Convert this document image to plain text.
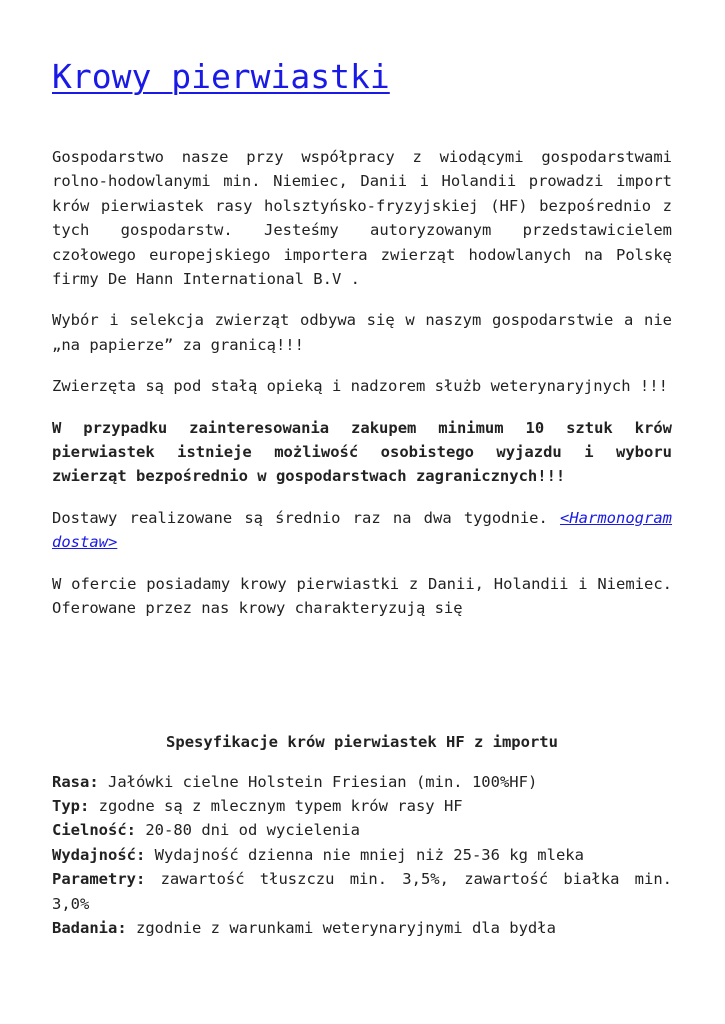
Krowy pierwiastki

Gospodarstwo nasze przy współpracy z wiodącymi gospodarstwami rolno-hodowlanymi min. Niemiec, Danii i Holandii prowadzi import krów pierwiastek rasy holsztyńsko-fryzyjskiej (HF) bezpośrednio z tych gospodarstw. Jesteśmy autoryzowanym przedstawicielem czołowego europejskiego importera zwierząt hodowlanych na Polskę firmy De Hann International B.V .

Wybór i selekcja zwierząt odbywa się w naszym gospodarstwie a nie „na papierze” za granicą!!!

Zwierzęta są pod stałą opieką i nadzorem służb weterynaryjnych !!!

W przypadku zainteresowania zakupem minimum 10 sztuk krów pierwiastek istnieje możliwość osobistego wyjazdu i wyboru zwierząt bezpośrednio w gospodarstwach zagranicznych!!!

Dostawy realizowane są średnio raz na dwa tygodnie. <Harmonogram dostaw>

W ofercie posiadamy krowy pierwiastki z Danii, Holandii i Niemiec. Oferowane przez nas krowy charakteryzują się

Spesyfikacje krów pierwiastek HF z importu

Rasa: Jałówki cielne Holstein Friesian (min. 100%HF)

Typ: zgodne są z mlecznym typem krów rasy HF

Cielność: 20-80 dni od wycielenia

Wydajność: Wydajność dzienna nie mniej niż 25-36 kg mleka

Parametry: zawartość tłuszczu min. 3,5%, zawartość białka min. 3,0%

Badania: zgodnie z warunkami weterynaryjnymi dla bydła
